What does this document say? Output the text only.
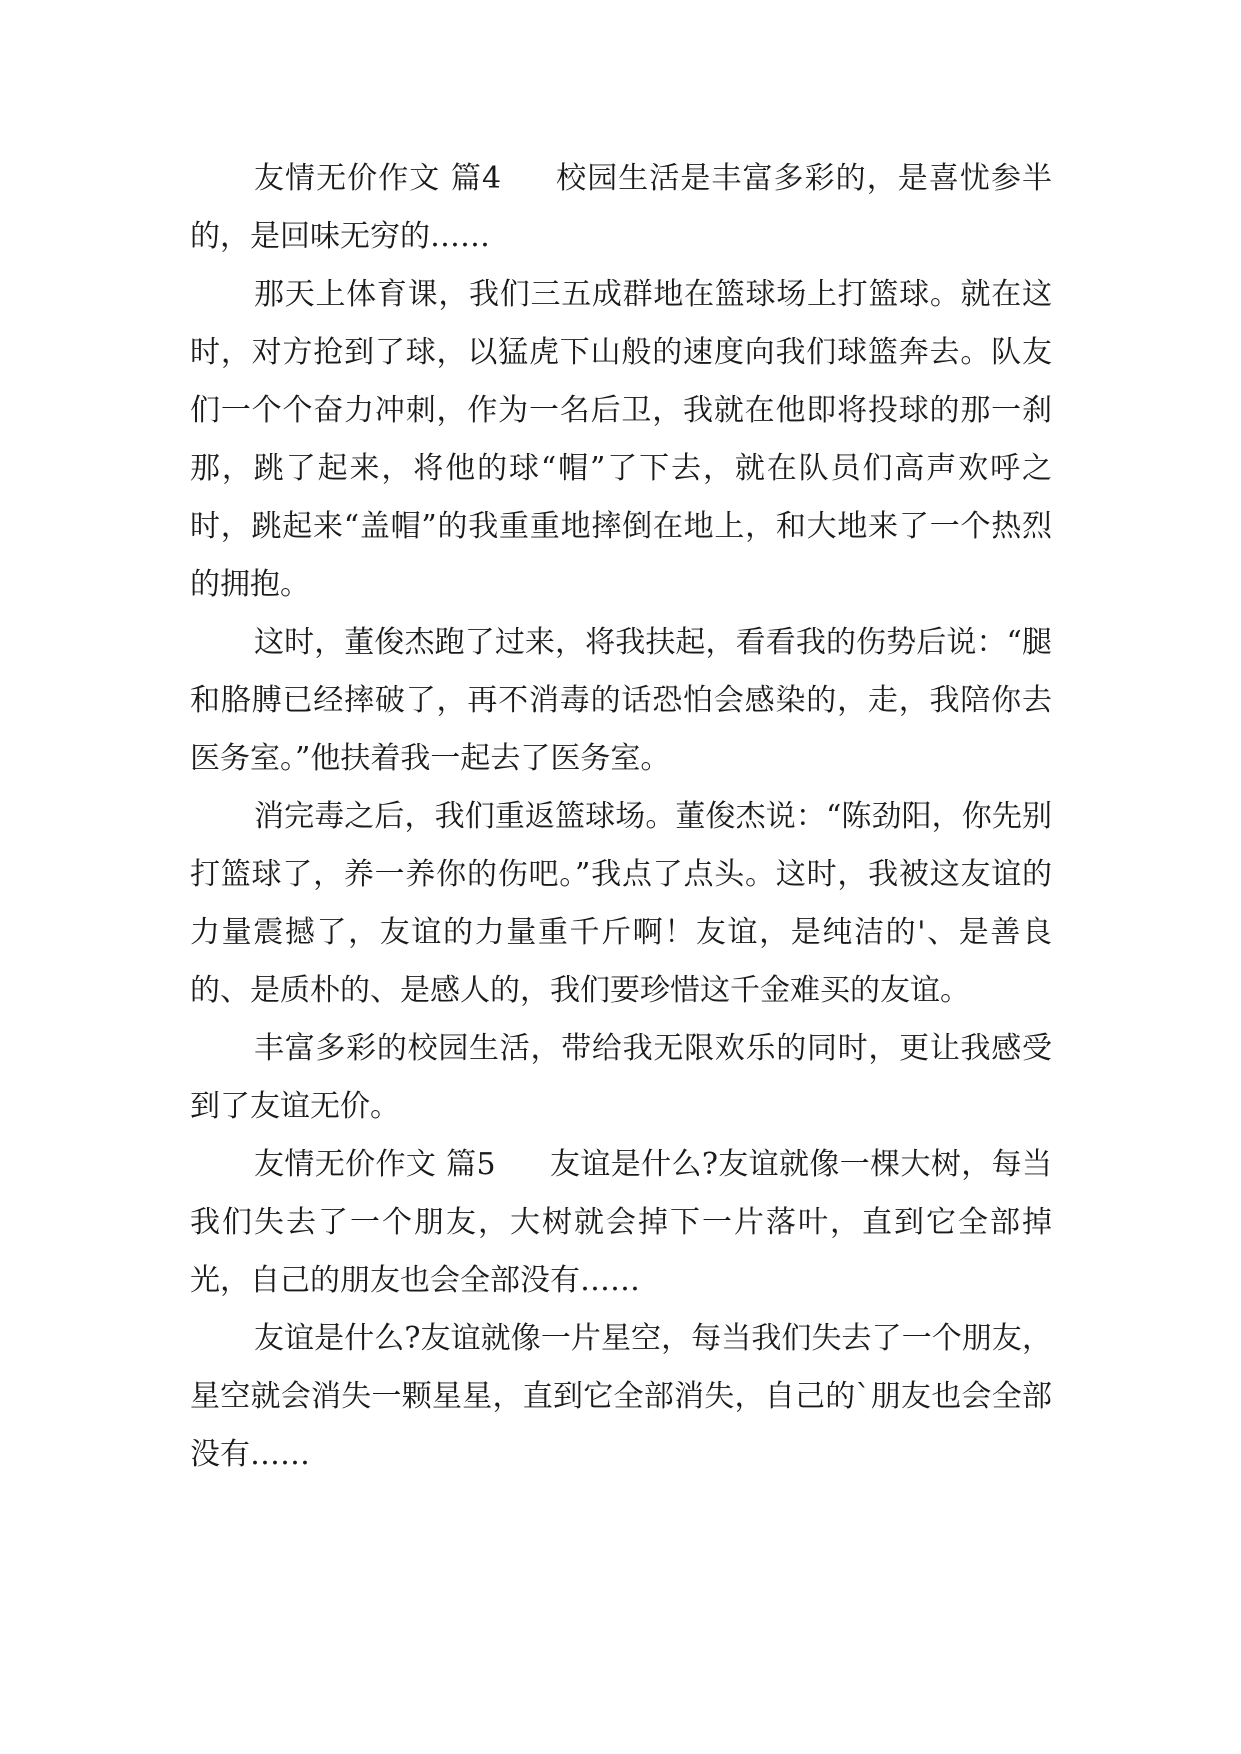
友情无价作文 篇4 校园生活是丰富多彩的，是喜忧参半的，是回味无穷的……

那天上体育课，我们三五成群地在篮球场上打篮球。就在这时，对方抢到了球，以猛虎下山般的速度向我们球篮奔去。队友们一个个奋力冲刺，作为一名后卫，我就在他即将投球的那一刹那，跳了起来，将他的球“帽”了下去，就在队员们高声欢呼之时，跳起来“盖帽”的我重重地摔倒在地上，和大地来了一个热烈的拥抱。

这时，董俊杰跑了过来，将我扶起，看看我的伤势后说：“腿和胳膊已经摔破了，再不消毒的话恐怕会感染的，走，我陪你去医务室。”他扶着我一起去了医务室。

消完毒之后，我们重返篮球场。董俊杰说：“陈劲阳，你先别打篮球了，养一养你的伤吧。”我点了点头。这时，我被这友谊的力量震撼了，友谊的力量重千斤啊！友谊，是纯洁的'、是善良的、是质朴的、是感人的，我们要珍惜这千金难买的友谊。

丰富多彩的校园生活，带给我无限欢乐的同时，更让我感受到了友谊无价。

友情无价作文 篇5 友谊是什么?友谊就像一棵大树，每当我们失去了一个朋友，大树就会掉下一片落叶，直到它全部掉光，自己的朋友也会全部没有……

友谊是什么?友谊就像一片星空，每当我们失去了一个朋友，星空就会消失一颗星星，直到它全部消失，自己的`朋友也会全部没有……
